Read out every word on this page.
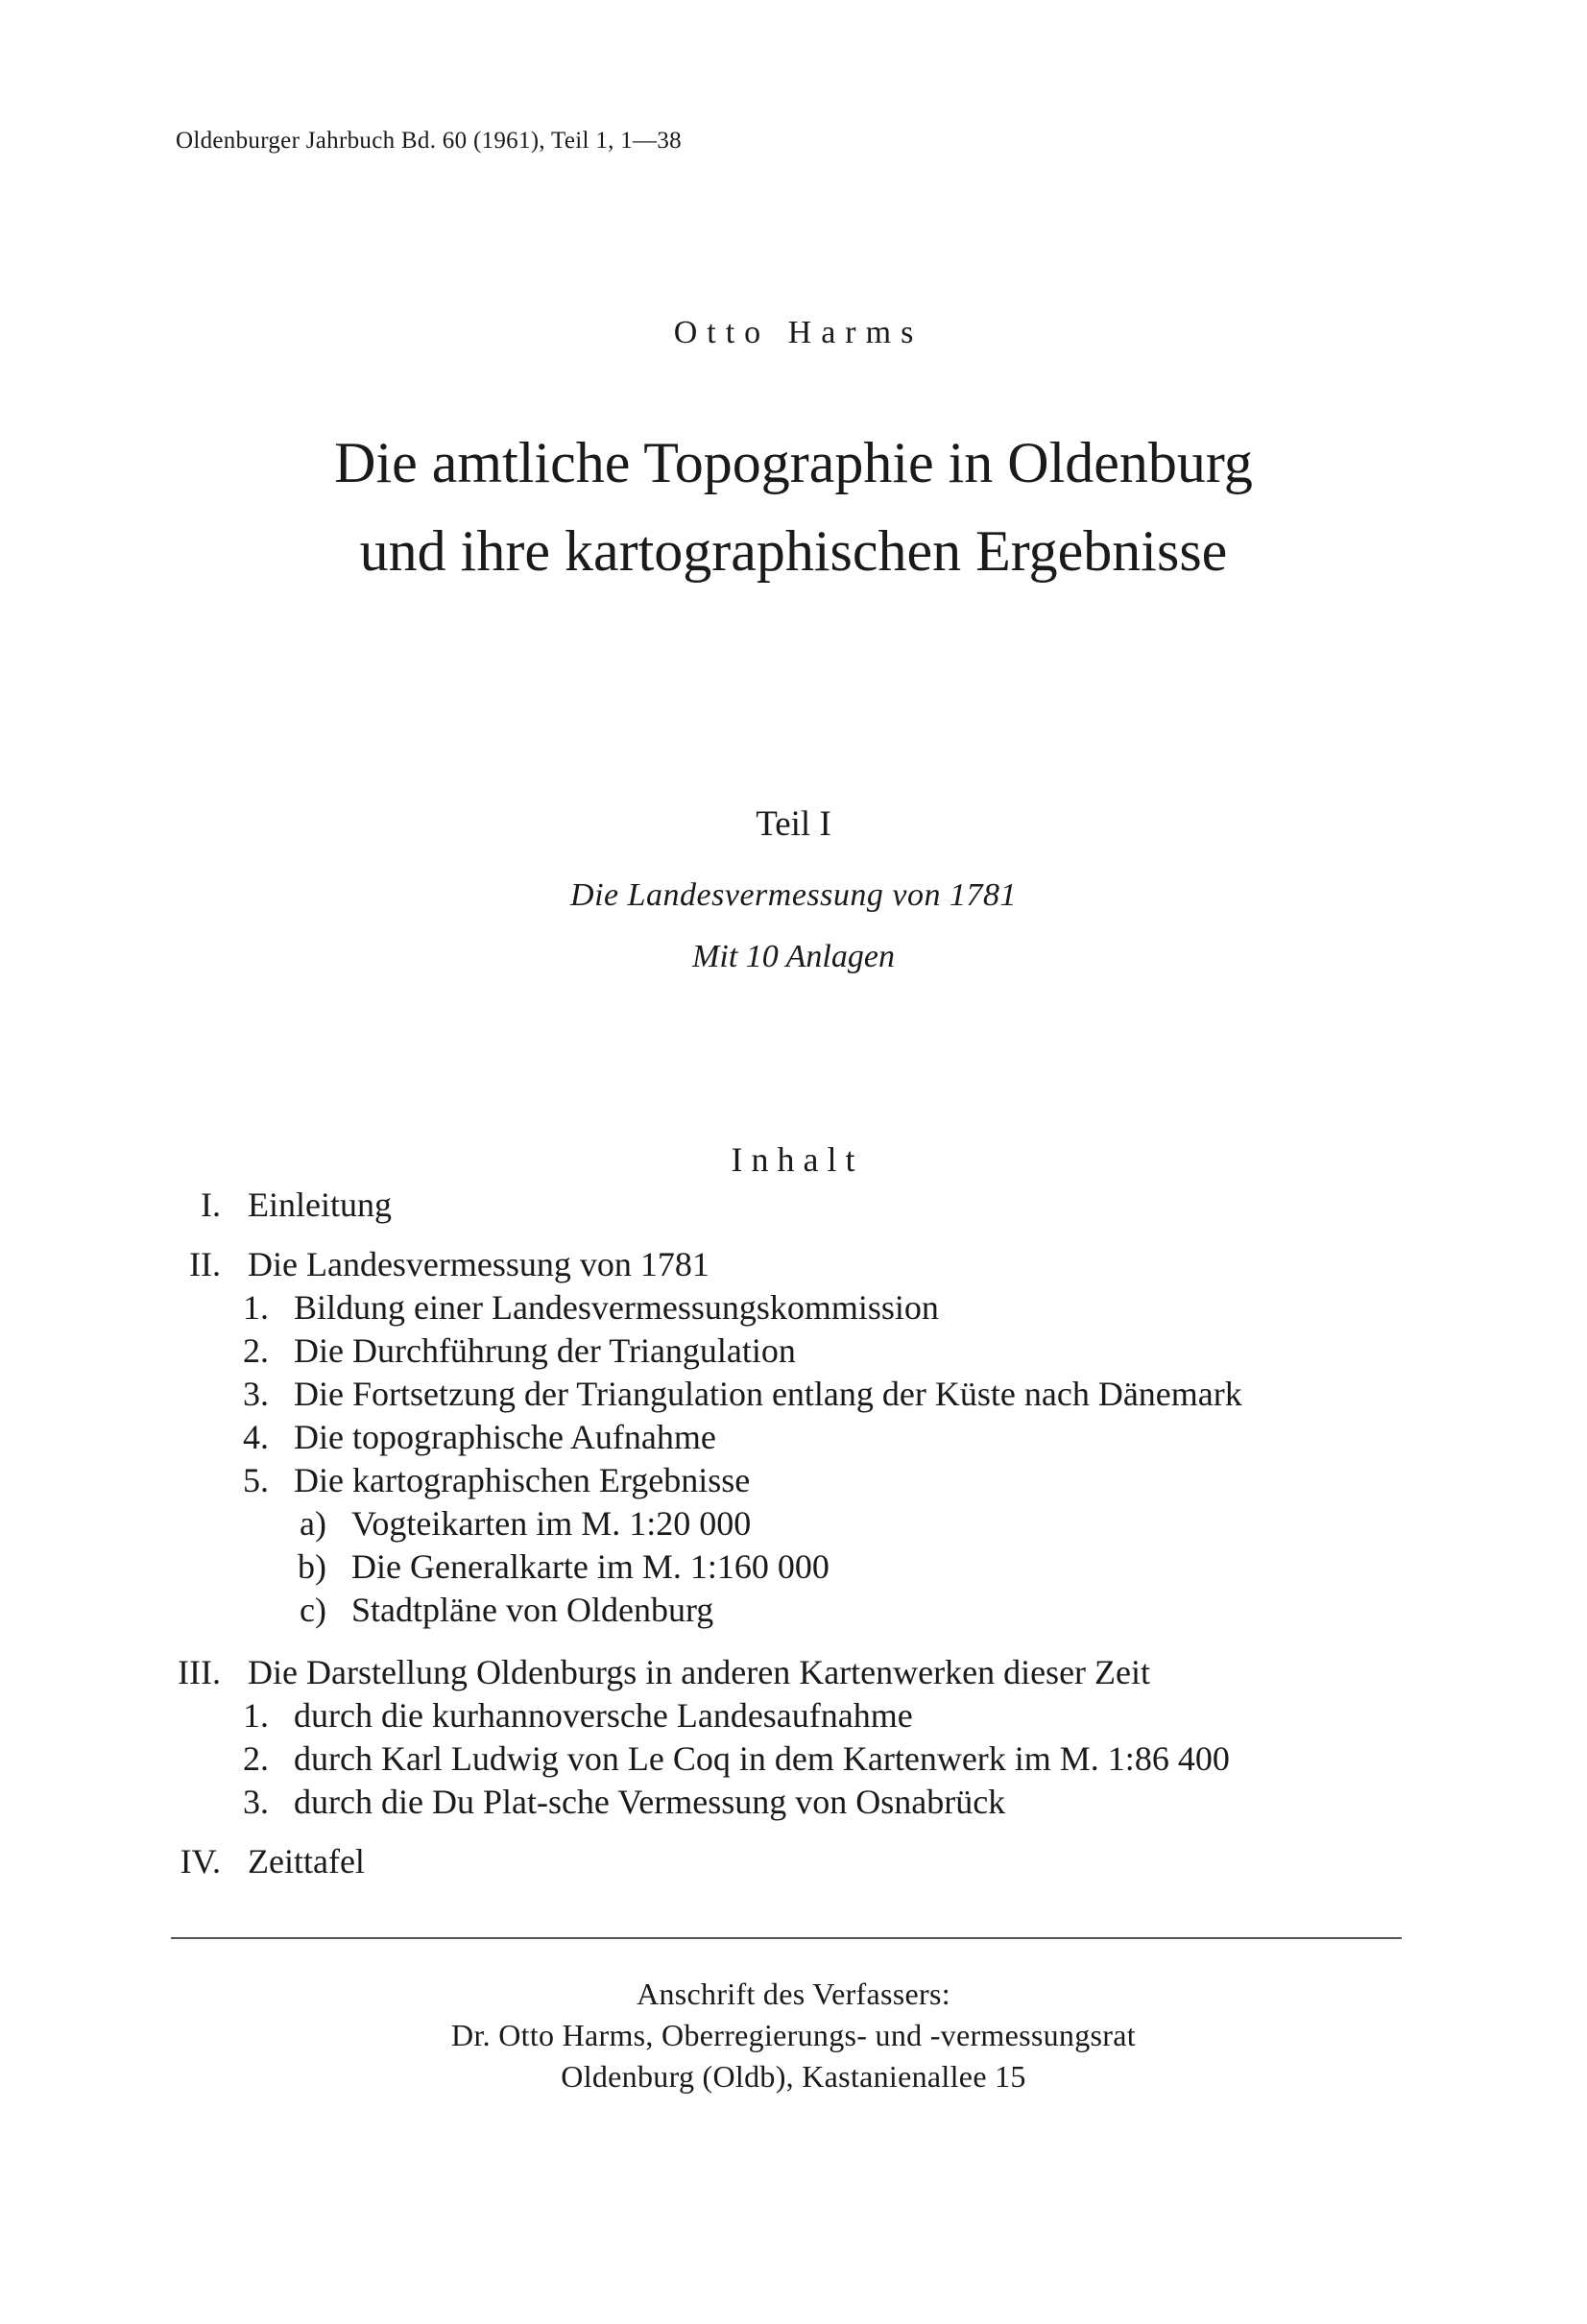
Oldenburger Jahrbuch Bd. 60 (1961), Teil 1, 1—38
Otto Harms
Die amtliche Topographie in Oldenburg
und ihre kartographischen Ergebnisse
Teil I
Die Landesvermessung von 1781
Mit 10 Anlagen
Inhalt
I. Einleitung
II. Die Landesvermessung von 1781
1. Bildung einer Landesvermessungskommission
2. Die Durchführung der Triangulation
3. Die Fortsetzung der Triangulation entlang der Küste nach Dänemark
4. Die topographische Aufnahme
5. Die kartographischen Ergebnisse
a) Vogteikarten im M. 1:20 000
b) Die Generalkarte im M. 1:160 000
c) Stadtpläne von Oldenburg
III. Die Darstellung Oldenburgs in anderen Kartenwerken dieser Zeit
1. durch die kurhannoversche Landesaufnahme
2. durch Karl Ludwig von Le Coq in dem Kartenwerk im M. 1:86 400
3. durch die Du Plat-sche Vermessung von Osnabrück
IV. Zeittafel
Anschrift des Verfassers:
Dr. Otto Harms, Oberregierungs- und -vermessungsrat
Oldenburg (Oldb), Kastanienallee 15
